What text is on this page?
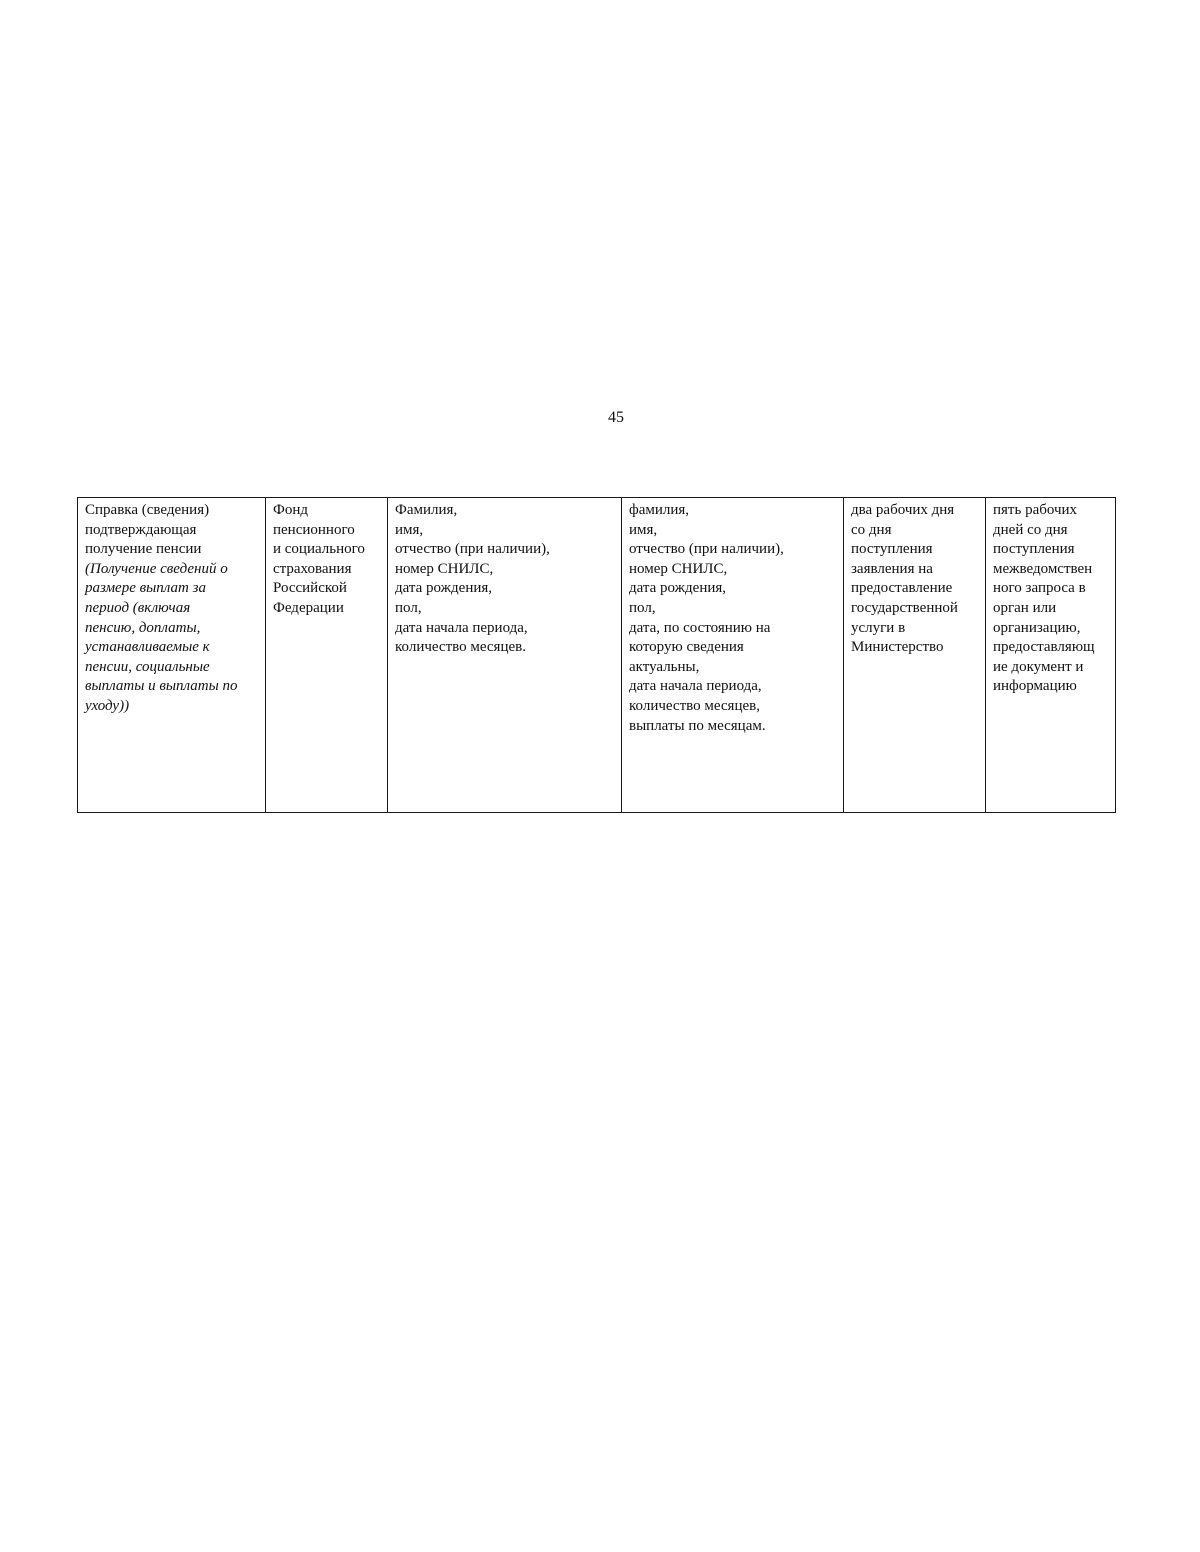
45
Справка (сведения)
подтверждающая
получение пенсии
(Получение сведений о
размере выплат за
период (включая
пенсию, доплаты,
устанавливаемые к
пенсии, социальные
выплаты и выплаты по
уходу))	Фонд
пенсионного
и социального
страхования
Российской
Федерации	Фамилия,
имя,
отчество (при наличии),
номер СНИЛС,
дата рождения,
пол,
дата начала периода,
количество месяцев.	фамилия,
имя,
отчество (при наличии),
номер СНИЛС,
дата рождения,
пол,
дата, по состоянию на
которую сведения
актуальны,
дата начала периода,
количество месяцев,
выплаты по месяцам.	два рабочих дня
со дня
поступления
заявления на
предоставление
государственной
услуги в
Министерство	пять рабочих
дней со дня
поступления
межведомствен
ного запроса в
орган или
организацию,
предоставляющ
ие документ и
информацию
